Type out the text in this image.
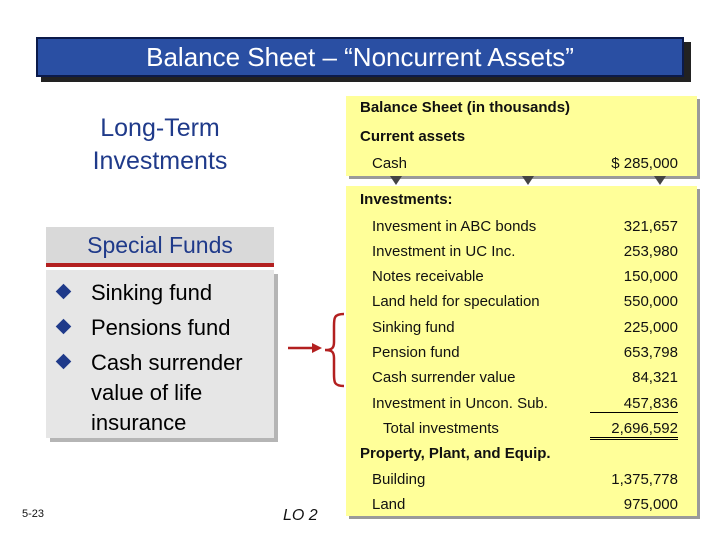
Balance Sheet – “Noncurrent Assets”
Long-Term
Investments
Special Funds
Sinking fund
Pensions fund
Cash surrender value of life insurance
Balance Sheet (in thousands)
Current assets
Cash	$ 285,000
Investments:
Invesment in ABC bonds	321,657
Investment in UC Inc.	253,980
Notes receivable	150,000
Land held for speculation	550,000
Sinking fund	225,000
Pension fund	653,798
Cash surrender value	84,321
Investment in Uncon. Sub.	457,836
Total investments	2,696,592
Property, Plant, and Equip.
Building	1,375,778
Land	975,000
5-23	LO 2
